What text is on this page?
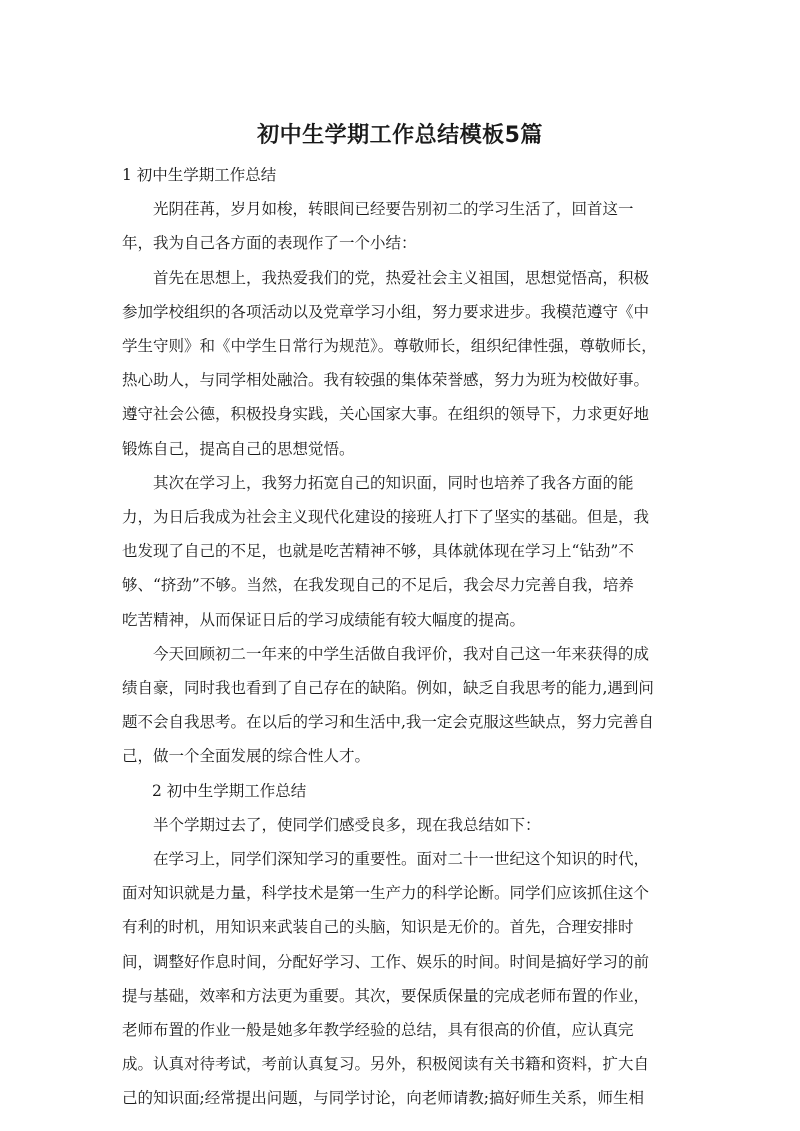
初中生学期工作总结模板5篇
1 初中生学期工作总结
光阴荏苒，岁月如梭，转眼间已经要告别初二的学习生活了，回首这一
年，我为自己各方面的表现作了一个小结：
首先在思想上，我热爱我们的党，热爱社会主义祖国，思想觉悟高，积极
参加学校组织的各项活动以及党章学习小组，努力要求进步。我模范遵守《中
学生守则》和《中学生日常行为规范》。尊敬师长，组织纪律性强，尊敬师长，
热心助人，与同学相处融洽。我有较强的集体荣誉感，努力为班为校做好事。
遵守社会公德，积极投身实践，关心国家大事。在组织的领导下，力求更好地
锻炼自己，提高自己的思想觉悟。
其次在学习上，我努力拓宽自己的知识面，同时也培养了我各方面的能
力，为日后我成为社会主义现代化建设的接班人打下了坚实的基础。但是，我
也发现了自己的不足，也就是吃苦精神不够，具体就体现在学习上“钻劲”不
够、“挤劲”不够。当然，在我发现自己的不足后，我会尽力完善自我，培养
吃苦精神，从而保证日后的学习成绩能有较大幅度的提高。
今天回顾初二一年来的中学生活做自我评价，我对自己这一年来获得的成
绩自豪，同时我也看到了自己存在的缺陷。例如，缺乏自我思考的能力,遇到问
题不会自我思考。在以后的学习和生活中,我一定会克服这些缺点，努力完善自
己，做一个全面发展的综合性人才。
2 初中生学期工作总结
半个学期过去了，使同学们感受良多，现在我总结如下：
在学习上，同学们深知学习的重要性。面对二十一世纪这个知识的时代，
面对知识就是力量，科学技术是第一生产力的科学论断。同学们应该抓住这个
有利的时机，用知识来武装自己的头脑，知识是无价的。首先，合理安排时
间，调整好作息时间，分配好学习、工作、娱乐的时间。时间是搞好学习的前
提与基础，效率和方法更为重要。其次，要保质保量的完成老师布置的作业，
老师布置的作业一般是她多年教学经验的总结，具有很高的价值，应认真完
成。认真对待考试，考前认真复习。另外，积极阅读有关书籍和资料，扩大自
己的知识面;经常提出问题，与同学讨论，向老师请教;搞好师生关系，师生相
